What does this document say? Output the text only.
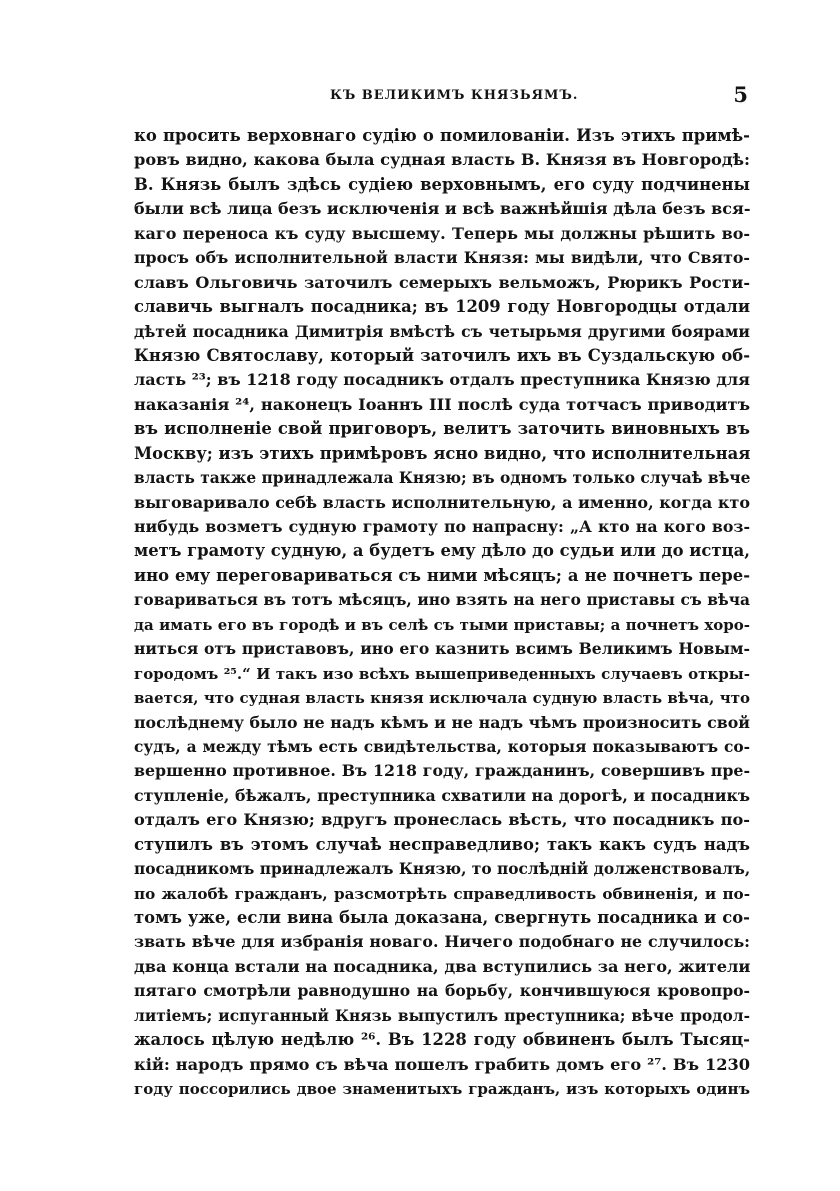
КЪ ВЕЛИКИМЪ КНЯЗЬЯМЪ.	5
ко просить верховнаго судію о помилованіи. Изъ этихъ примѣ-
ровъ видно, какова была судная власть В. Князя въ Новгородѣ:
В. Князь былъ здѣсь судіею верховнымъ, его суду подчинены
были всѣ лица безъ исключенія и всѣ важнѣйшія дѣла безъ вся-
каго переноса къ суду высшему. Теперь мы должны рѣшить во-
просъ объ исполнительной власти Князя: мы видѣли, что Свято-
славъ Ольговичь заточилъ семерыхъ вельможъ, Рюрикъ Рости-
славичь выгналъ посадника; въ 1209 году Новгородцы отдали
дѣтей посадника Димитрія вмѣстѣ съ четырьмя другими боярами
Князю Святославу, который заточилъ ихъ въ Суздальскую об-
ласть ²³; въ 1218 году посадникъ отдалъ преступника Князю для
наказанія ²⁴, наконецъ Іоаннъ III послѣ суда тотчасъ приводитъ
въ исполненіе свой приговоръ, велитъ заточить виновныхъ въ
Москву; изъ этихъ примѣровъ ясно видно, что исполнительная
власть также принадлежала Князю; въ одномъ только случаѣ вѣче
выговаривало себѣ власть исполнительную, а именно, когда кто
нибудь возметъ судную грамоту по напрасну: „А кто на кого воз-
метъ грамоту судную, а будетъ ему дѣло до судьи или до истца,
ино ему переговариваться съ ними мѣсяцъ; а не почнетъ пере-
говариваться въ тотъ мѣсяцъ, ино взять на него приставы съ вѣча
да имать его въ городѣ и въ селѣ съ тыми приставы; а почнетъ хоро-
ниться отъ приставовъ, ино его казнить всимъ Великимъ Новым-
городомъ ²⁵.“ И такъ изо всѣхъ вышеприведенныхъ случаевъ откры-
вается, что судная власть князя исключала судную власть вѣча, что
послѣднему было не надъ кѣмъ и не надъ чѣмъ произносить свой
судъ, а между тѣмъ есть свидѣтельства, которыя показываютъ со-
вершенно противное. Въ 1218 году, гражданинъ, совершивъ пре-
ступленіе, бѣжалъ, преступника схватили на дорогѣ, и посадникъ
отдалъ его Князю; вдругъ пронеслась вѣсть, что посадникъ по-
ступилъ въ этомъ случаѣ несправедливо; такъ какъ судъ надъ
посадникомъ принадлежалъ Князю, то послѣдній долженствовалъ,
по жалобѣ гражданъ, разсмотрѣть справедливость обвиненія, и по-
томъ уже, если вина была доказана, свергнуть посадника и со-
звать вѣче для избранія новаго. Ничего подобнаго не случилось:
два конца встали на посадника, два вступились за него, жители
пятаго смотрѣли равнодушно на борьбу, кончившуюся кровопро-
литіемъ; испуганный Князь выпустилъ преступника; вѣче продол-
жалось цѣлую недѣлю ²⁶. Въ 1228 году обвиненъ былъ Тысяц-
кій: народъ прямо съ вѣча пошелъ грабить домъ его ²⁷. Въ 1230
году поссорились двое знаменитыхъ гражданъ, изъ которыхъ одинъ
